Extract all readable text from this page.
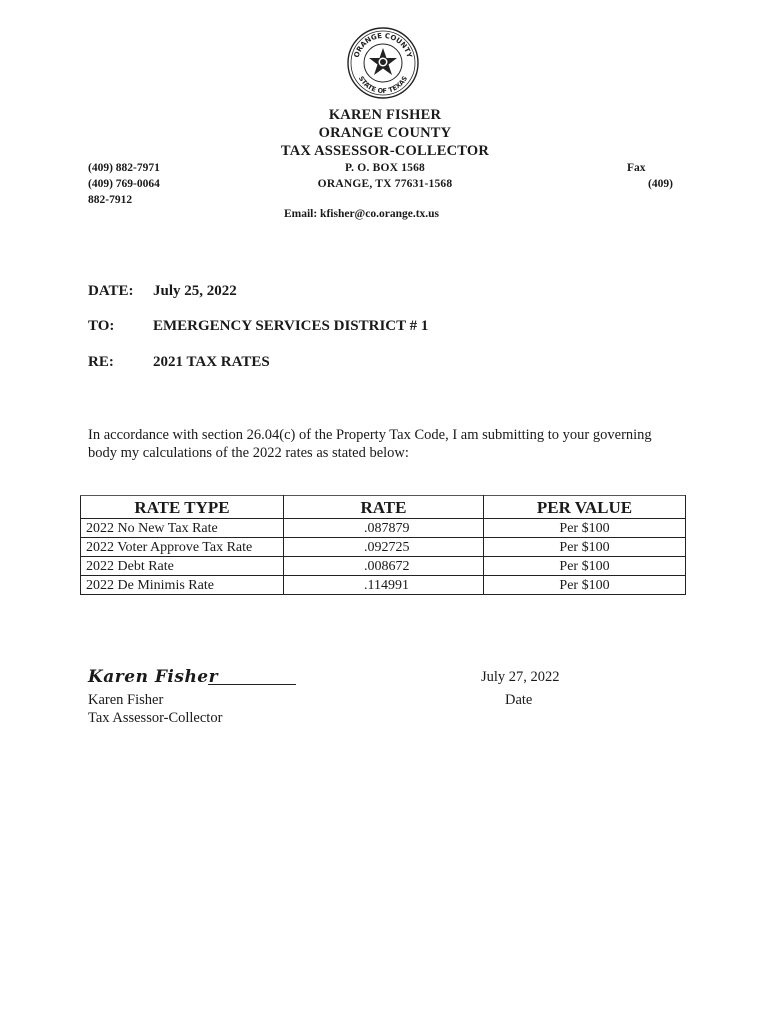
ORANGE COUNTY
STATE OF TEXAS
KAREN FISHER
ORANGE COUNTY
TAX ASSESSOR-COLLECTOR
P. O. BOX 1568
ORANGE, TX 77631-1568
(409) 882-7971
(409) 769-0064
882-7912
Fax
(409)
Email: kfisher@co.orange.tx.us
DATE: July 25, 2022
TO:	EMERGENCY SERVICES DISTRICT # 1
RE:	2021 TAX RATES
In accordance with section 26.04(c) of the Property Tax Code, I am submitting to your governing
body my calculations of the 2022 rates as stated below:
RATE TYPE	RATE	PER VALUE
2022 No New Tax Rate	.087879	Per $100
2022 Voter Approve Tax Rate	.092725	Per $100
2022 Debt Rate	.008672	Per $100
2022 De Minimis Rate	.114991	Per $100
Karen Fisher
Karen Fisher
Tax Assessor-Collector
July 27, 2022
Date
